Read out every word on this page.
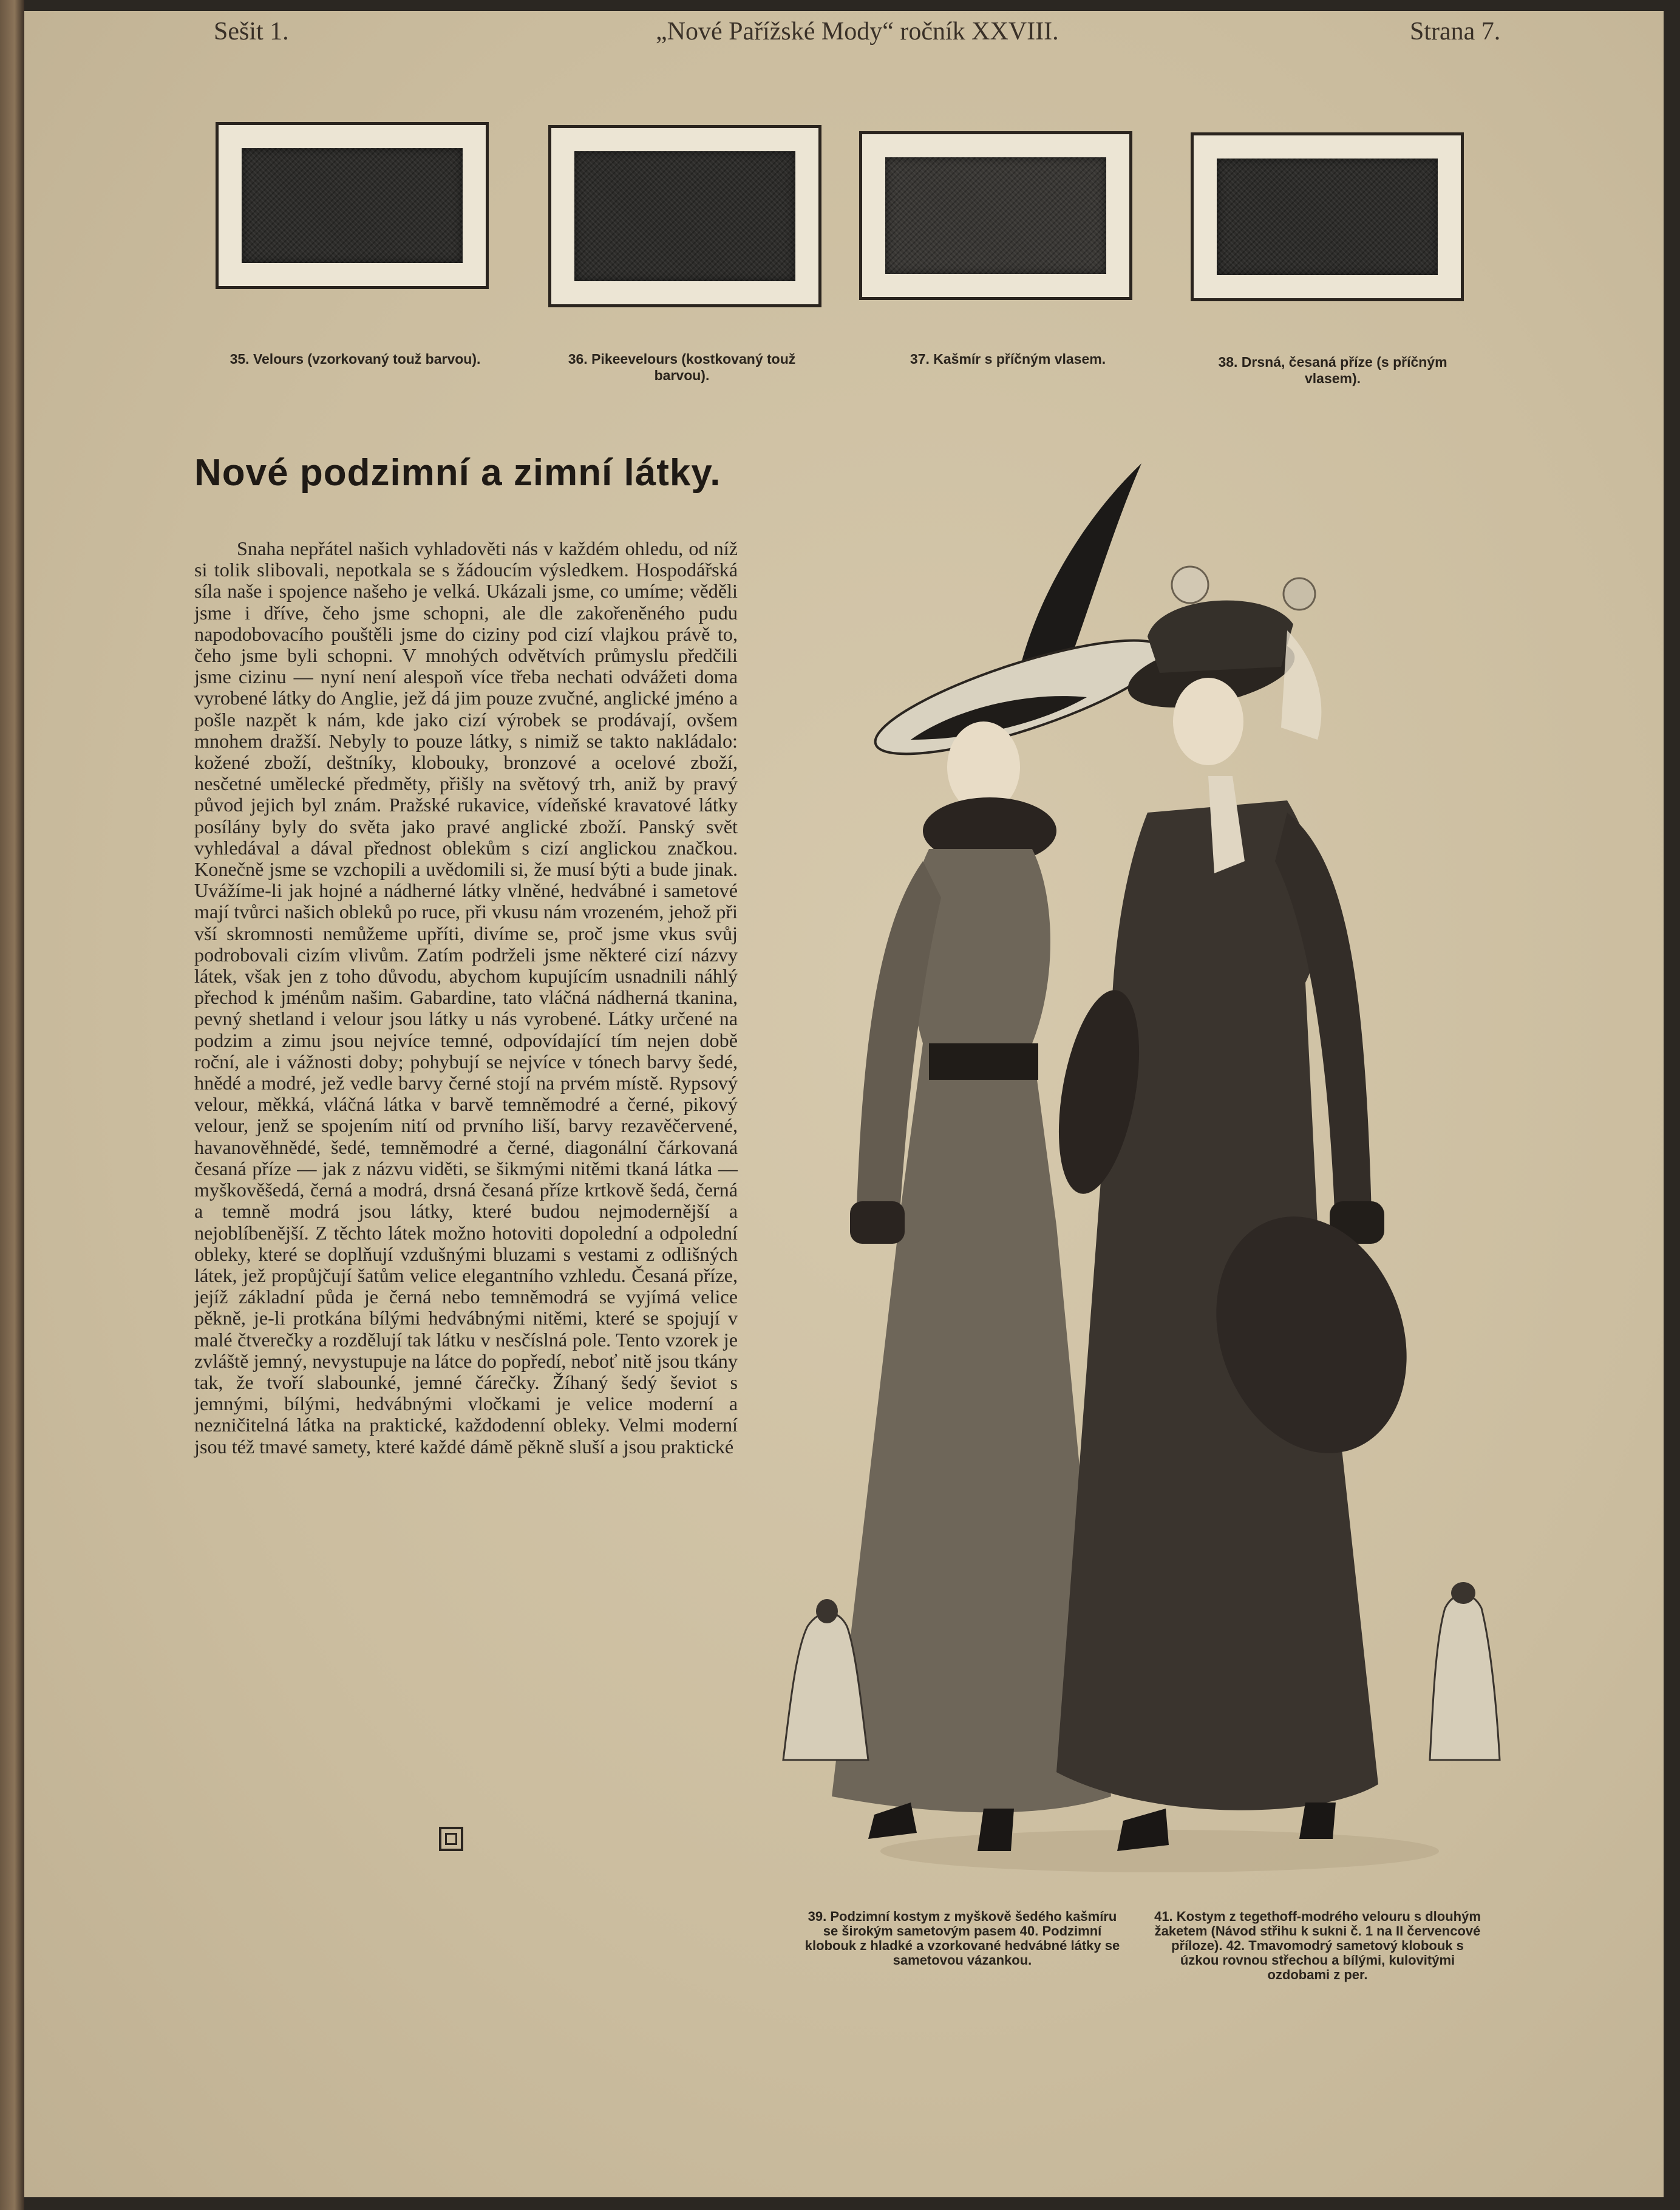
Sešit 1.	„Nové Pařížské Mody“ ročník XXVIII.	Strana 7.
35. Velours (vzorkovaný touž barvou).	36. Pikeevelours (kostkovaný touž barvou).
37. Kašmír s příčným vlasem.	38. Drsná, česaná příze (s příčným vlasem).
Nové podzimní a zimní látky.

Snaha nepřátel našich vyhladověti nás v každém ohledu, od níž si tolik slibovali, nepotkala se s žádoucím výsledkem. Hospodářská síla naše i spojence našeho je velká. Ukázali jsme, co umíme; věděli jsme i dříve, čeho jsme schopni, ale dle zakořeněného pudu napodobovacího pouštěli jsme do ciziny pod cizí vlajkou právě to, čeho jsme byli schopni. V mnohých odvětvích průmyslu předčili jsme cizinu — nyní není alespoň více třeba nechati odvážeti doma vyrobené látky do Anglie, jež dá jim pouze zvučné, anglické jméno a pošle nazpět k nám, kde jako cizí výrobek se prodávají, ovšem mnohem dražší. Nebyly to pouze látky, s nimiž se takto nakládalo: kožené zboží, deštníky, klobouky, bronzové a ocelové zboží, nesčetné umělecké předměty, přišly na světový trh, aniž by pravý původ jejich byl znám. Pražské rukavice, vídeňské kravatové látky posílány byly do světa jako pravé anglické zboží. Panský svět vyhledával a dával přednost oblekům s cizí anglickou značkou. Konečně jsme se vzchopili a uvědomili si, že musí býti a bude jinak. Uvážíme-li jak hojné a nádherné látky vlněné, hedvábné i sametové mají tvůrci našich obleků po ruce, při vkusu nám vrozeném, jehož při vší skromnosti nemůžeme upříti, divíme se, proč jsme vkus svůj podrobovali cizím vlivům. Zatím podrželi jsme některé cizí názvy látek, však jen z toho důvodu, abychom kupujícím usnadnili náhlý přechod k jménům našim. Gabardine, tato vláčná nádherná tkanina, pevný shetland i velour jsou látky u nás vyrobené. Látky určené na podzim a zimu jsou nejvíce temné, odpovídající tím nejen době roční, ale i vážnosti doby; pohybují se nejvíce v tónech barvy šedé, hnědé a modré, jež vedle barvy černé stojí na prvém místě. Rypsový velour, měkká, vláčná látka v barvě temněmodré a černé, pikový velour, jenž se spojením nití od prvního liší, barvy rezavěčervené, havanověhnědé, šedé, temněmodré a černé, diagonální čárkovaná česaná příze — jak z názvu viděti, se šikmými nitěmi tkaná látka — myškověšedá, černá a modrá, drsná česaná příze krtkově šedá, černá a temně modrá jsou látky, které budou nejmodernější a nejoblíbenější. Z těchto látek možno hotoviti dopolední a odpolední obleky, které se doplňují vzdušnými bluzami s vestami z odlišných látek, jež propůjčují šatům velice elegantního vzhledu. Česaná příze, jejíž základní půda je černá nebo temněmodrá se vyjímá velice pěkně, je-li protkána bílými hedvábnými nitěmi, které se spojují v malé čtverečky a rozdělují tak látku v nesčíslná pole. Tento vzorek je zvláště jemný, nevystupuje na látce do popředí, neboť nitě jsou tkány tak, že tvoří slabounké, jemné čárečky. Žíhaný šedý ševiot s jemnými, bílými, hedvábnými vločkami je velice moderní a nezničitelná látka na praktické, každodenní obleky. Velmi moderní jsou též tmavé samety, které každé dámě pěkně sluší a jsou praktické

39. Podzimní kostym z myškově šedého kašmíru se širokým sametovým pasem 40. Podzimní klobouk z hladké a vzorkované hedvábné látky se sametovou vázankou.
41. Kostym z tegethoff-modrého velouru s dlouhým žaketem (Návod střihu k sukni č. 1 na II červencové příloze). 42. Tmavomodrý sametový klobouk s úzkou rovnou střechou a bílými, kulovitými ozdobami z per.
